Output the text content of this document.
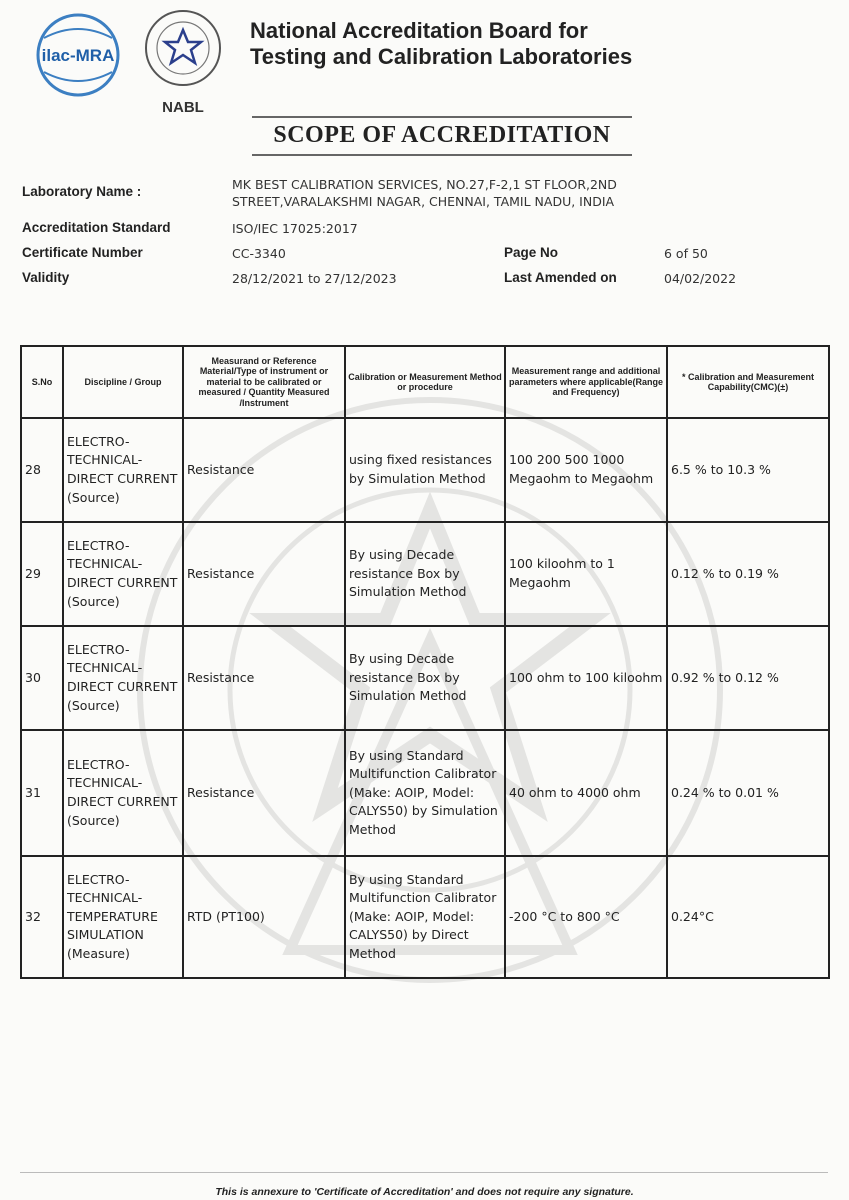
ilac-MRA
NABL
National Accreditation Board for
Testing and Calibration Laboratories
SCOPE OF ACCREDITATION
Laboratory Name :	MK BEST CALIBRATION SERVICES, NO.27,F-2,1 ST FLOOR,2ND STREET,VARALAKSHMI NAGAR, CHENNAI, TAMIL NADU, INDIA
Accreditation Standard	ISO/IEC 17025:2017
Certificate Number	CC-3340	Page No	6 of 50
Validity	28/12/2021 to 27/12/2023	Last Amended on	04/02/2022
S.No	Discipline / Group	Measurand or Reference Material/Type of instrument or material to be calibrated or measured / Quantity Measured /Instrument	Calibration or Measurement Method or procedure	Measurement range and additional parameters where applicable(Range and Frequency)	* Calibration and Measurement Capability(CMC)(±)
28	ELECTRO-TECHNICAL-DIRECT CURRENT (Source)	Resistance	using fixed resistances by Simulation Method	100 200 500 1000 Megaohm to Megaohm	6.5 % to 10.3 %
29	ELECTRO-TECHNICAL-DIRECT CURRENT (Source)	Resistance	By using Decade resistance Box by Simulation Method	100 kiloohm to 1 Megaohm	0.12 % to 0.19 %
30	ELECTRO-TECHNICAL-DIRECT CURRENT (Source)	Resistance	By using Decade resistance Box by Simulation Method	100 ohm to 100 kiloohm	0.92 % to 0.12 %
31	ELECTRO-TECHNICAL-DIRECT CURRENT (Source)	Resistance	By using Standard Multifunction Calibrator (Make: AOIP, Model: CALYS50) by Simulation Method	40 ohm to 4000 ohm	0.24 % to 0.01 %
32	ELECTRO-TECHNICAL-TEMPERATURE SIMULATION (Measure)	RTD (PT100)	By using Standard Multifunction Calibrator (Make: AOIP, Model: CALYS50) by Direct Method	-200 °C to 800 °C	0.24°C
This is annexure to 'Certificate of Accreditation' and does not require any signature.
